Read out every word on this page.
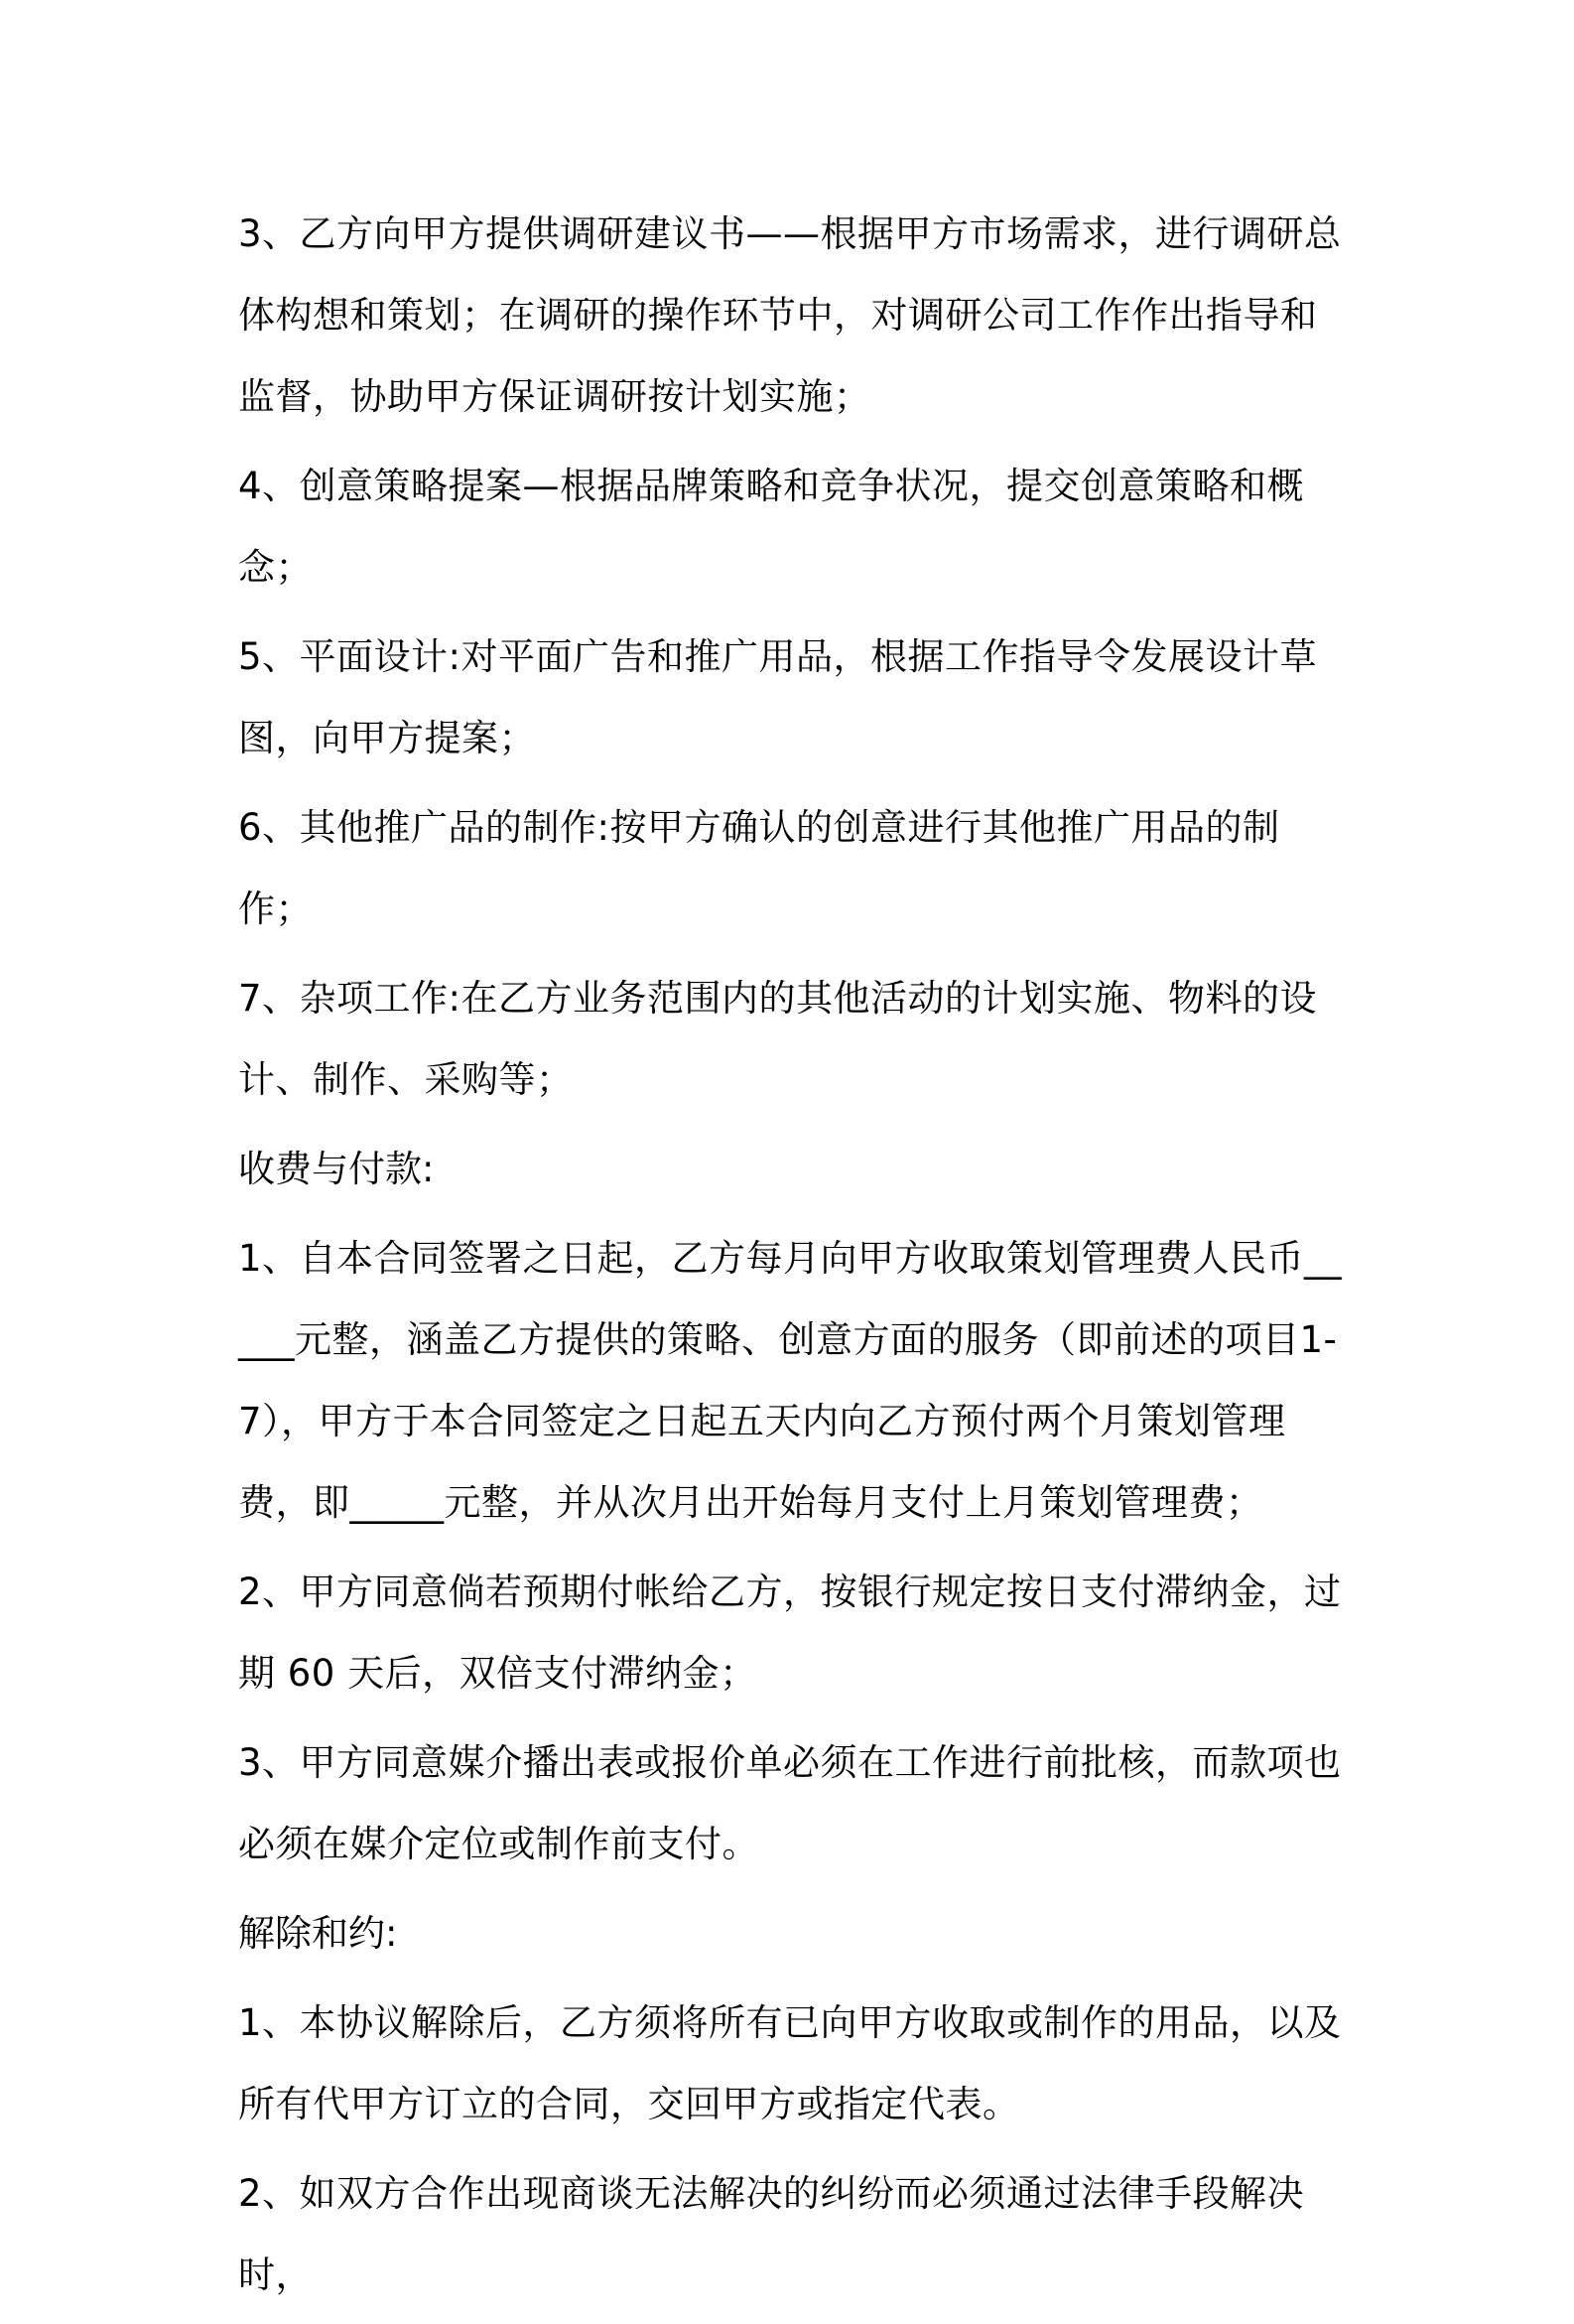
3、乙方向甲方提供调研建议书——根据甲方市场需求，进行调研总体构想和策划；在调研的操作环节中，对调研公司工作作出指导和监督，协助甲方保证调研按计划实施；

4、创意策略提案—根据品牌策略和竞争状况，提交创意策略和概念；

5、平面设计:对平面广告和推广用品，根据工作指导令发展设计草图，向甲方提案；

6、其他推广品的制作:按甲方确认的创意进行其他推广用品的制作；

7、杂项工作:在乙方业务范围内的其他活动的计划实施、物料的设计、制作、采购等；

收费与付款:

1、自本合同签署之日起，乙方每月向甲方收取策划管理费人民币_____元整，涵盖乙方提供的策略、创意方面的服务（即前述的项目1-7），甲方于本合同签定之日起五天内向乙方预付两个月策划管理费，即_____元整，并从次月出开始每月支付上月策划管理费；

2、甲方同意倘若预期付帐给乙方，按银行规定按日支付滞纳金，过期 60 天后，双倍支付滞纳金；

3、甲方同意媒介播出表或报价单必须在工作进行前批核，而款项也必须在媒介定位或制作前支付。

解除和约:

1、本协议解除后，乙方须将所有已向甲方收取或制作的用品，以及所有代甲方订立的合同，交回甲方或指定代表。

2、如双方合作出现商谈无法解决的纠纷而必须通过法律手段解决时，
